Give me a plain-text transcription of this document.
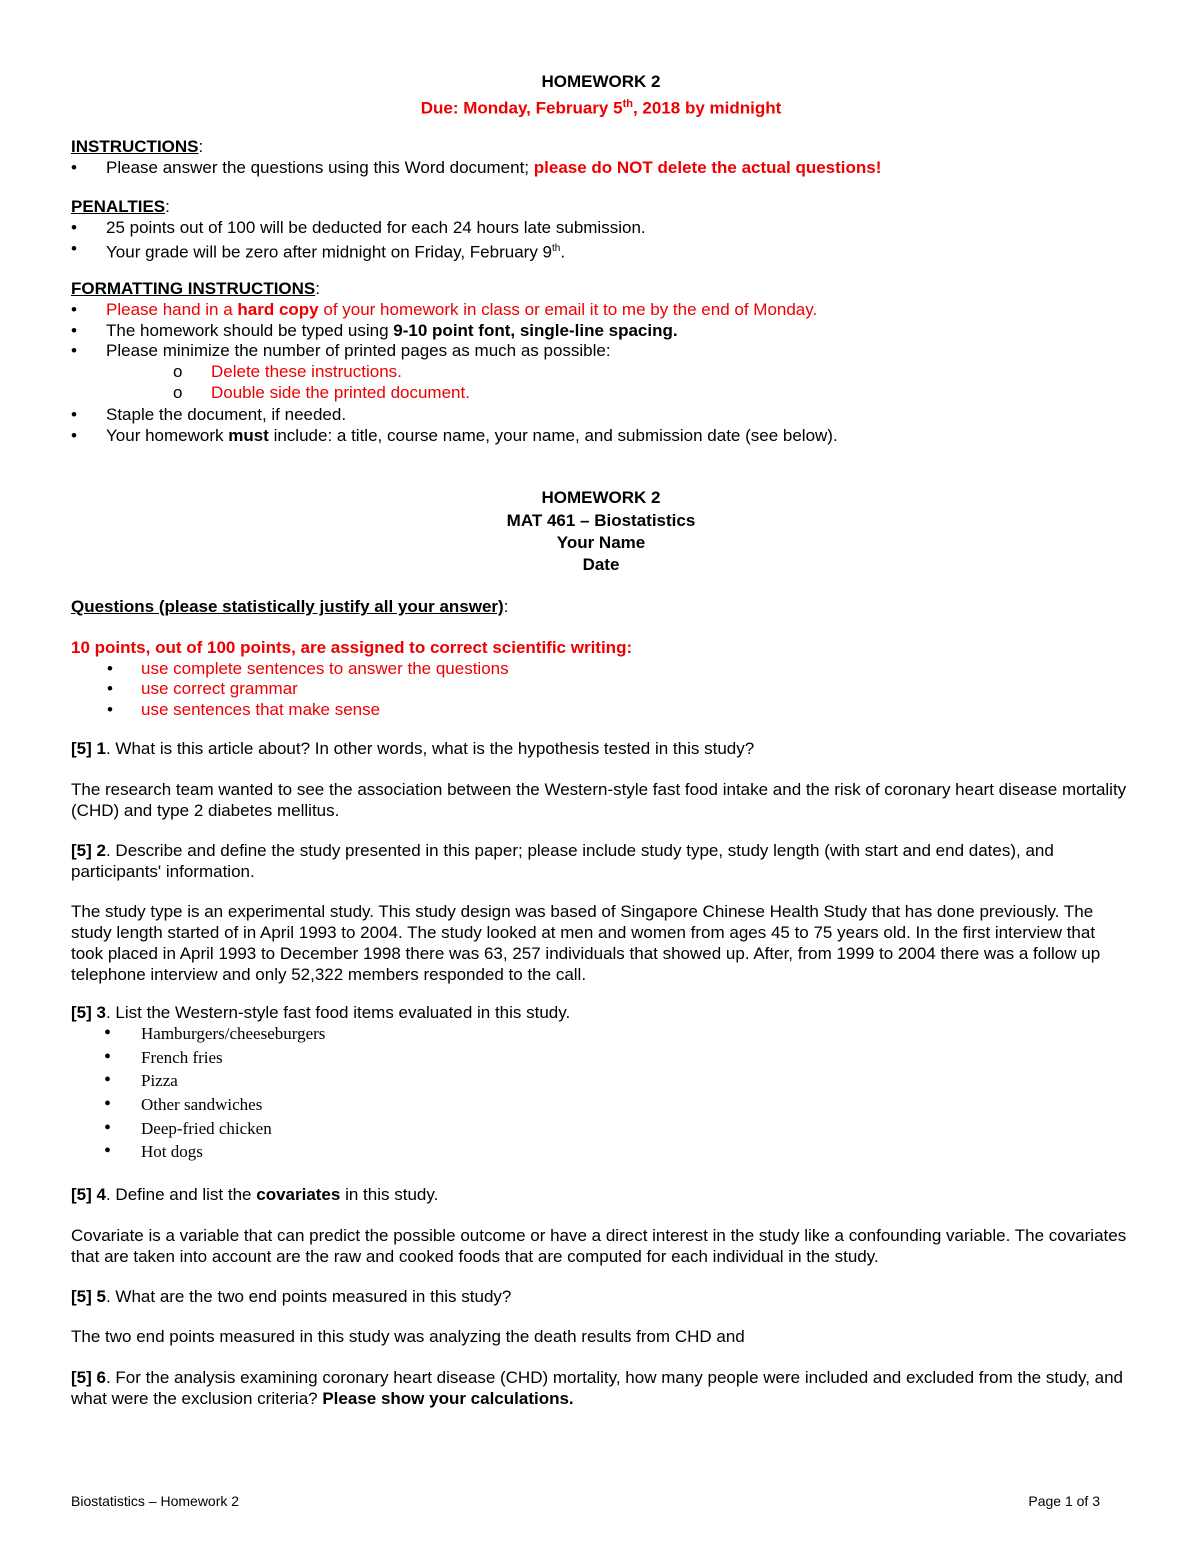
HOMEWORK 2
Due: Monday, February 5th, 2018 by midnight
INSTRUCTIONS:
•
Please answer the questions using this Word document; please do NOT delete the actual questions!
PENALTIES:
•
25 points out of 100 will be deducted for each 24 hours late submission.
•
Your grade will be zero after midnight on Friday, February 9th.
FORMATTING INSTRUCTIONS:
•
Please hand in a hard copy of your homework in class or email it to me by the end of Monday.
•
The homework should be typed using 9-10 point font, single-line spacing.
•
Please minimize the number of printed pages as much as possible:
o Delete these instructions.
o Double side the printed document.
•
Staple the document, if needed.
•
Your homework must include: a title, course name, your name, and submission date (see below).
HOMEWORK 2
MAT 461 – Biostatistics
Your Name
Date
Questions (please statistically justify all your answer):
10 points, out of 100 points, are assigned to correct scientific writing:
•
use complete sentences to answer the questions
•
use correct grammar
•
use sentences that make sense
[5] 1. What is this article about? In other words, what is the hypothesis tested in this study?
The research team wanted to see the association between the Western-style fast food intake and the risk of coronary heart disease mortality (CHD) and type 2 diabetes mellitus.
[5] 2. Describe and define the study presented in this paper; please include study type, study length (with start and end dates), and participants' information.
The study type is an experimental study. This study design was based of Singapore Chinese Health Study that has done previously. The study length started of in April 1993 to 2004. The study looked at men and women from ages 45 to 75 years old. In the first interview that took placed in April 1993 to December 1998 there was 63, 257 individuals that showed up. After, from 1999 to 2004 there was a follow up telephone interview and only 52,322 members responded to the call.
[5] 3. List the Western-style fast food items evaluated in this study.
•
Hamburgers/cheeseburgers
•
French fries
•
Pizza
•
Other sandwiches
•
Deep-fried chicken
•
Hot dogs
[5] 4. Define and list the covariates in this study.
Covariate is a variable that can predict the possible outcome or have a direct interest in the study like a confounding variable. The covariates that are taken into account are the raw and cooked foods that are computed for each individual in the study.
[5] 5. What are the two end points measured in this study?
The two end points measured in this study was analyzing the death results from CHD and
[5] 6. For the analysis examining coronary heart disease (CHD) mortality, how many people were included and excluded from the study, and what were the exclusion criteria? Please show your calculations.
Biostatistics – Homework 2	Page 1 of 3
